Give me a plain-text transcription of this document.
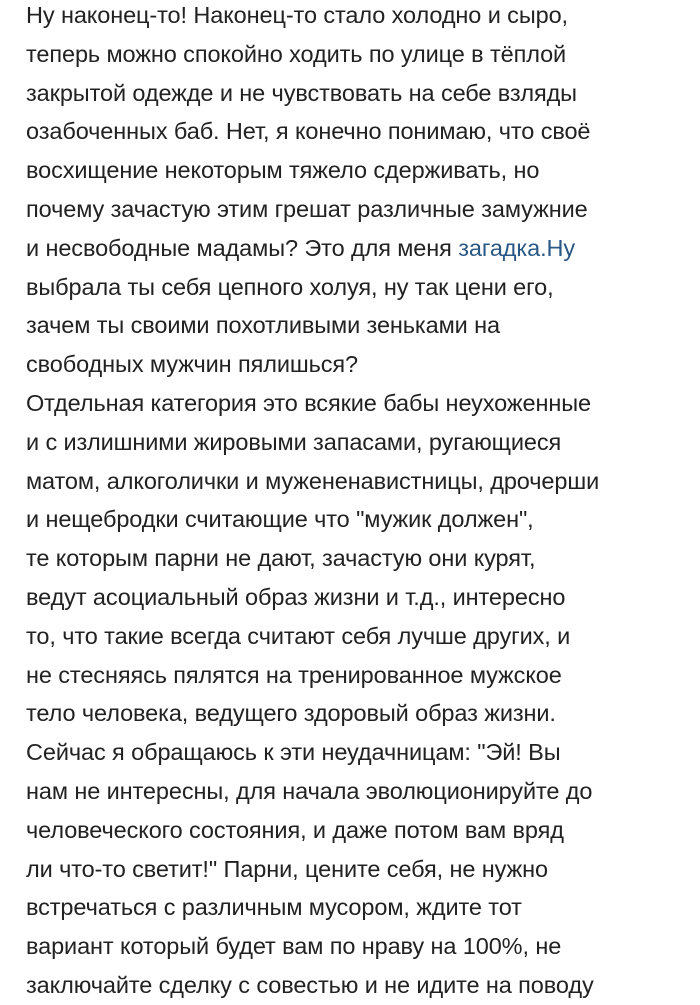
Ну наконец-то! Наконец-то стало холодно и сыро,
теперь можно спокойно ходить по улице в тёплой
закрытой одежде и не чувствовать на себе взляды
озабоченных баб. Нет, я конечно понимаю, что своё
восхищение некоторым тяжело сдерживать, но
почему зачастую этим грешат различные замужние
и несвободные мадамы? Это для меня загадка.Ну
выбрала ты себя цепного холуя, ну так цени его,
зачем ты своими похотливыми зеньками на
свободных мужчин пялишься?
Отдельная категория это всякие бабы неухоженные
и с излишними жировыми запасами, ругающиеся
матом, алкоголички и мужененавистницы, дрочерши
и нещебродки считающие что "мужик должен",
те которым парни не дают, зачастую они курят,
ведут асоциальный образ жизни и т.д., интересно
то, что такие всегда считают себя лучше других, и
не стесняясь пялятся на тренированное мужское
тело человека, ведущего здоровый образ жизни.
Сейчас я обращаюсь к эти неудачницам: "Эй! Вы
нам не интересны, для начала эволюционируйте до
человеческого состояния, и даже потом вам вряд
ли что-то светит!" Парни, цените себя, не нужно
встречаться с различным мусором, ждите тот
вариант который будет вам по нраву на 100%, не
заключайте сделку с совестью и не идите на поводу
